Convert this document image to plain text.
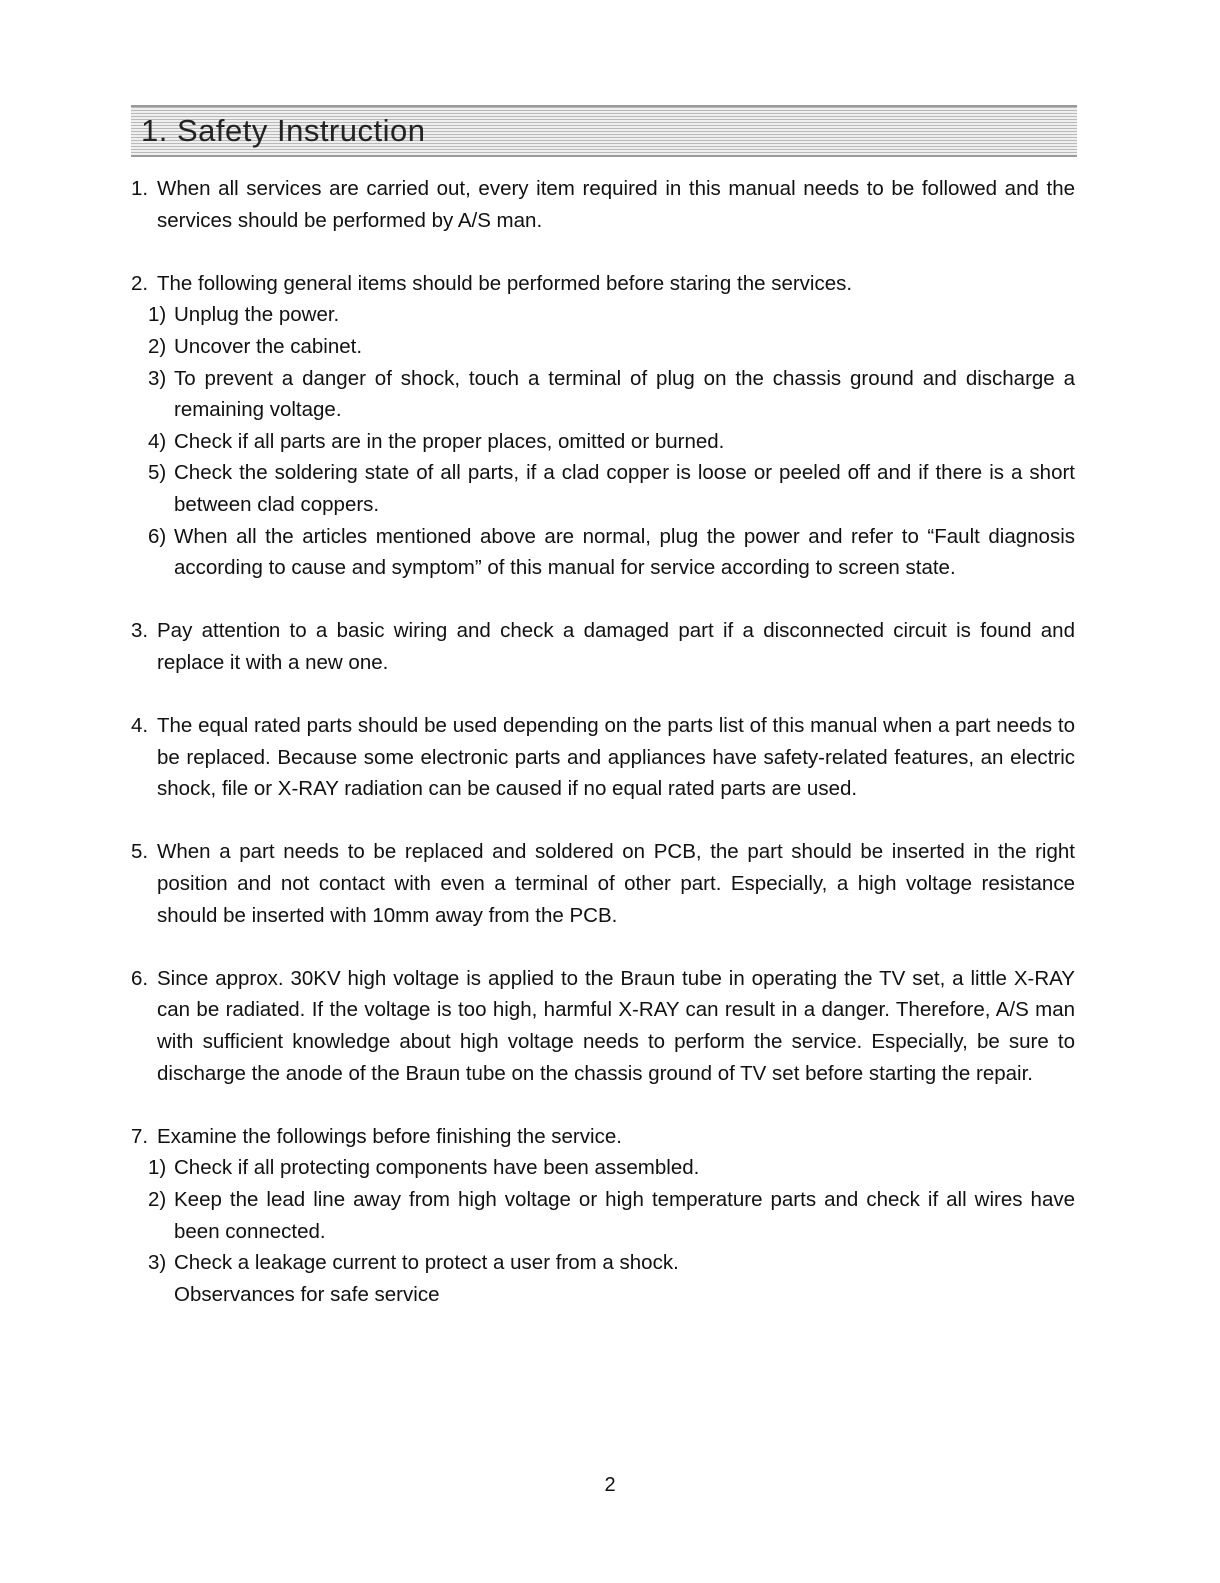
1. Safety Instruction
1. When all services are carried out, every item required in this manual needs to be followed and the services should be performed by A/S man.
2. The following general items should be performed before staring the services.
1) Unplug the power.
2) Uncover the cabinet.
3) To prevent a danger of shock, touch a terminal of plug on the chassis ground and discharge a remaining voltage.
4) Check if all parts are in the proper places, omitted or burned.
5) Check the soldering state of all parts, if a clad copper is loose or peeled off and if there is a short between clad coppers.
6) When all the articles mentioned above are normal, plug the power and refer to “Fault diagnosis according to cause and symptom” of this manual for service according to screen state.
3. Pay attention to a basic wiring and check a damaged part if a disconnected circuit is found and replace it with a new one.
4. The equal rated parts should be used depending on the parts list of this manual when a part needs to be replaced. Because some electronic parts and appliances have safety-related features, an electric shock, file or X-RAY radiation can be caused if no equal rated parts are used.
5. When a part needs to be replaced and soldered on PCB, the part should be inserted in the right position and not contact with even a terminal of other part. Especially, a high voltage resistance should be inserted with 10mm away from the PCB.
6. Since approx. 30KV high voltage is applied to the Braun tube in operating the TV set, a little X-RAY can be radiated. If the voltage is too high, harmful X-RAY can result in a danger. Therefore, A/S man with sufficient knowledge about high voltage needs to perform the service. Especially, be sure to discharge the anode of the Braun tube on the chassis ground of TV set before starting the repair.
7. Examine the followings before finishing the service.
1) Check if all protecting components have been assembled.
2) Keep the lead line away from high voltage or high temperature parts and check if all wires have been connected.
3) Check a leakage current to protect a user from a shock.
Observances for safe service
2
